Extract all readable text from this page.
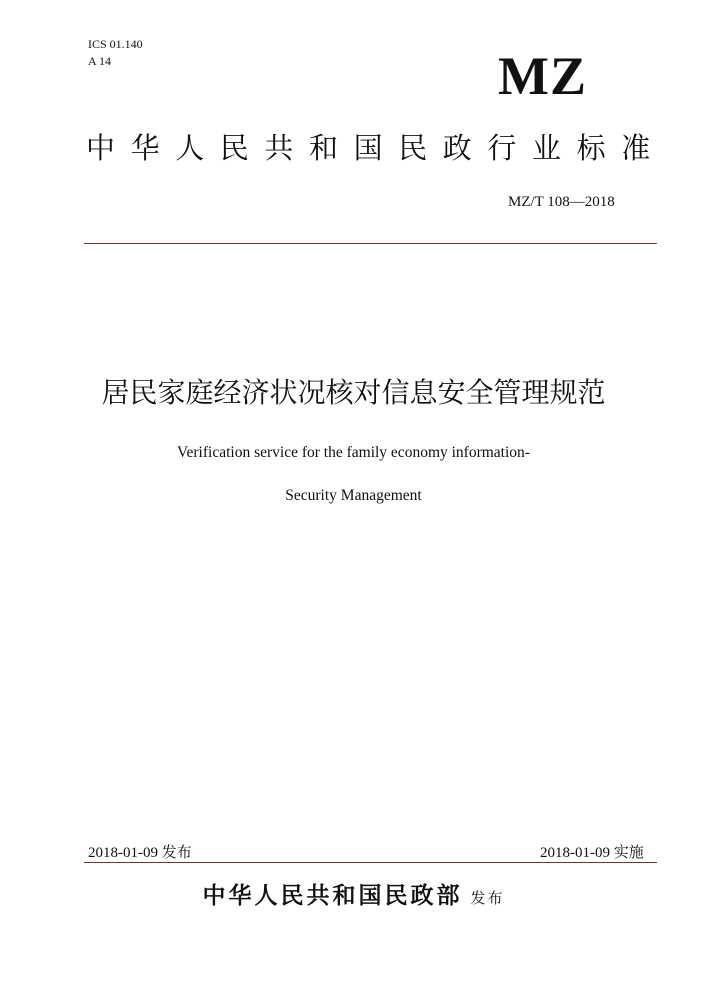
ICS 01.140
A 14	MZ
中华人民共和国民政行业标准
MZ/T 108—2018
居民家庭经济状况核对信息安全管理规范
Verification service for the family economy information-
Security Management
2018-01-09 发布	2018-01-09 实施
中华人民共和国民政部 发布
